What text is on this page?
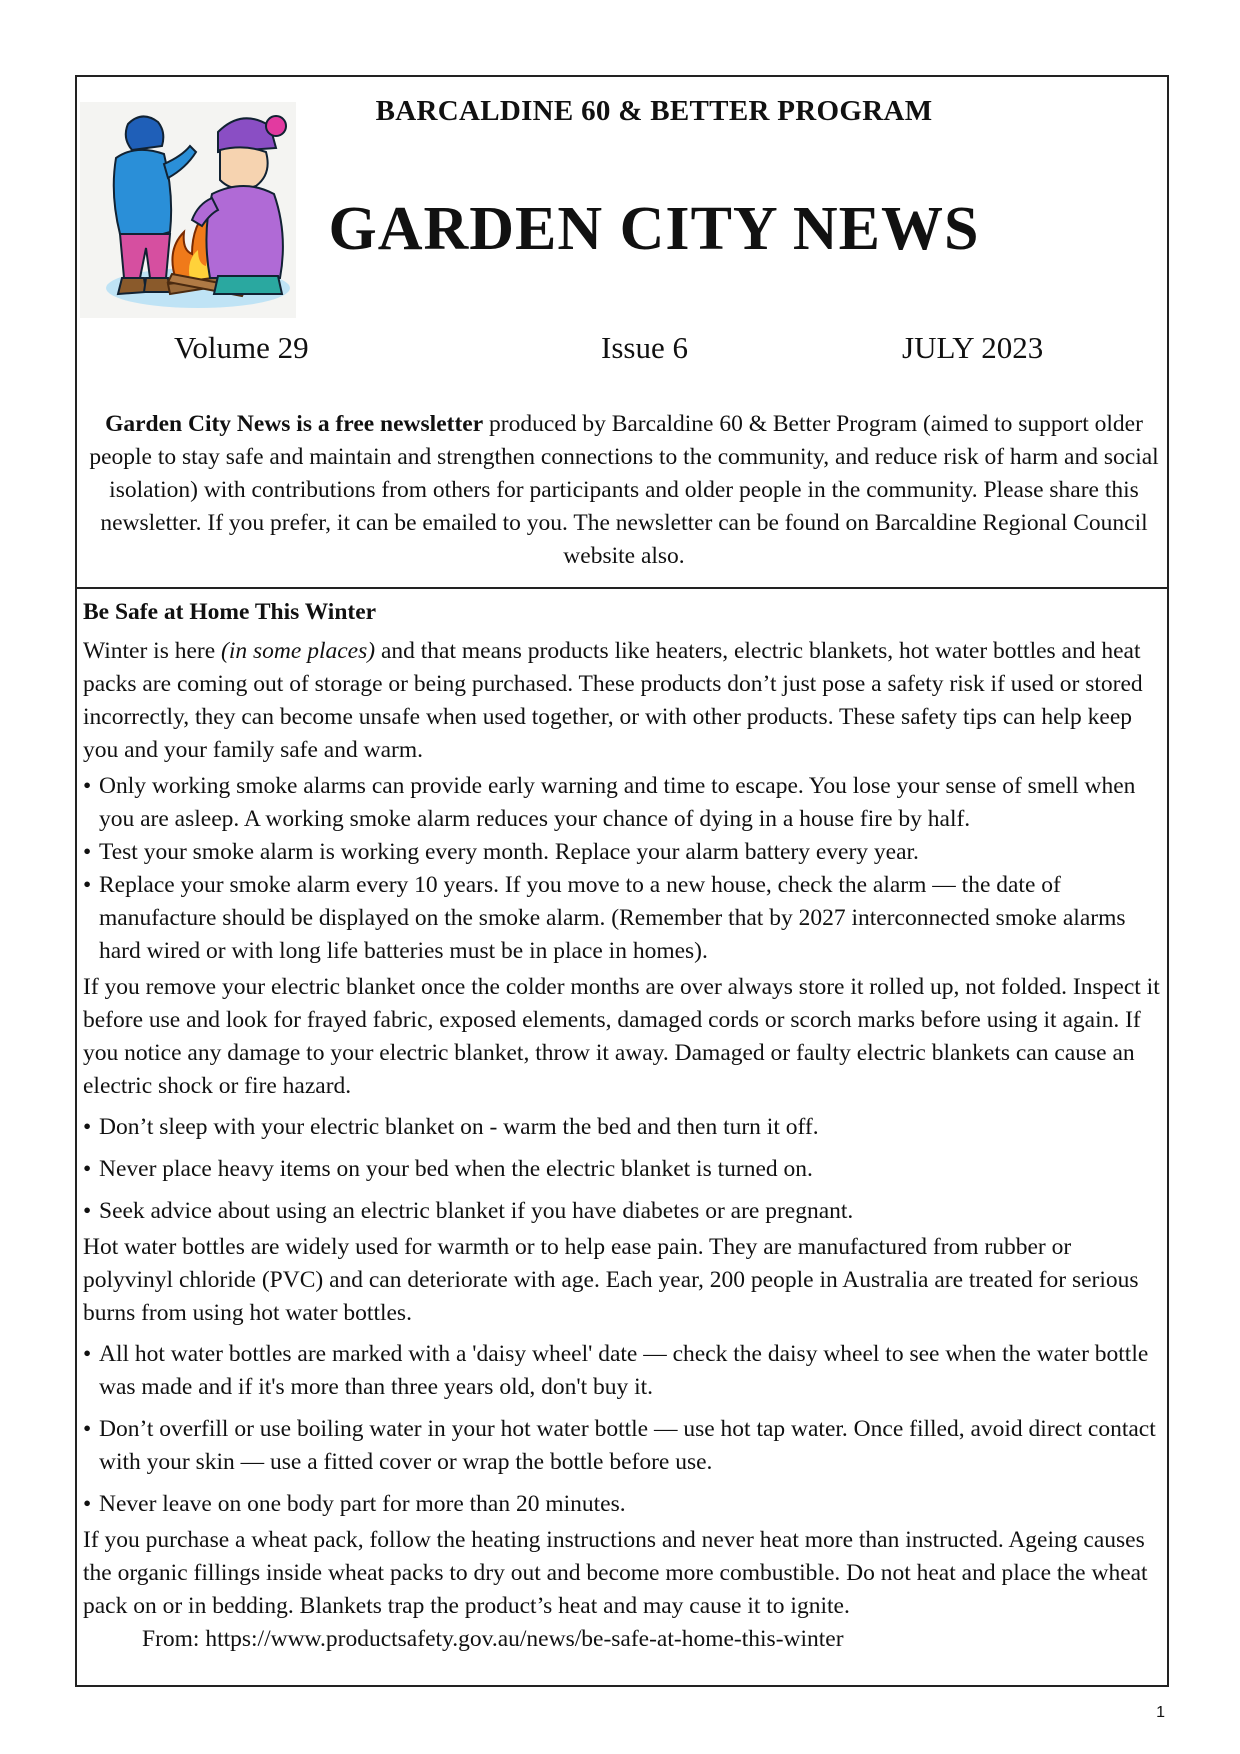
BARCALDINE 60 & BETTER PROGRAM
GARDEN CITY NEWS
Volume 29	Issue 6	JULY 2023
Garden City News is a free newsletter produced by Barcaldine 60 & Better Program (aimed to support older people to stay safe and maintain and strengthen connections to the community, and reduce risk of harm and social isolation) with contributions from others for participants and older people in the community. Please share this newsletter. If you prefer, it can be emailed to you. The newsletter can be found on Barcaldine Regional Council website also.
Be Safe at Home This Winter

Winter is here (in some places) and that means products like heaters, electric blankets, hot water bottles and heat packs are coming out of storage or being purchased. These products don’t just pose a safety risk if used or stored incorrectly, they can become unsafe when used together, or with other products. These safety tips can help keep you and your family safe and warm.

• Only working smoke alarms can provide early warning and time to escape. You lose your sense of smell when you are asleep. A working smoke alarm reduces your chance of dying in a house fire by half.
• Test your smoke alarm is working every month. Replace your alarm battery every year.
• Replace your smoke alarm every 10 years. If you move to a new house, check the alarm — the date of manufacture should be displayed on the smoke alarm. (Remember that by 2027 interconnected smoke alarms hard wired or with long life batteries must be in place in homes).

If you remove your electric blanket once the colder months are over always store it rolled up, not folded. Inspect it before use and look for frayed fabric, exposed elements, damaged cords or scorch marks before using it again. If you notice any damage to your electric blanket, throw it away. Damaged or faulty electric blankets can cause an electric shock or fire hazard.

• Don’t sleep with your electric blanket on - warm the bed and then turn it off.
• Never place heavy items on your bed when the electric blanket is turned on.
• Seek advice about using an electric blanket if you have diabetes or are pregnant.

Hot water bottles are widely used for warmth or to help ease pain. They are manufactured from rubber or polyvinyl chloride (PVC) and can deteriorate with age. Each year, 200 people in Australia are treated for serious burns from using hot water bottles.

• All hot water bottles are marked with a 'daisy wheel' date — check the daisy wheel to see when the water bottle was made and if it's more than three years old, don't buy it.
• Don’t overfill or use boiling water in your hot water bottle — use hot tap water. Once filled, avoid direct contact with your skin — use a fitted cover or wrap the bottle before use.
• Never leave on one body part for more than 20 minutes.

If you purchase a wheat pack, follow the heating instructions and never heat more than instructed. Ageing causes the organic fillings inside wheat packs to dry out and become more combustible. Do not heat and place the wheat pack on or in bedding. Blankets trap the product’s heat and may cause it to ignite.

From: https://www.productsafety.gov.au/news/be-safe-at-home-this-winter

1
